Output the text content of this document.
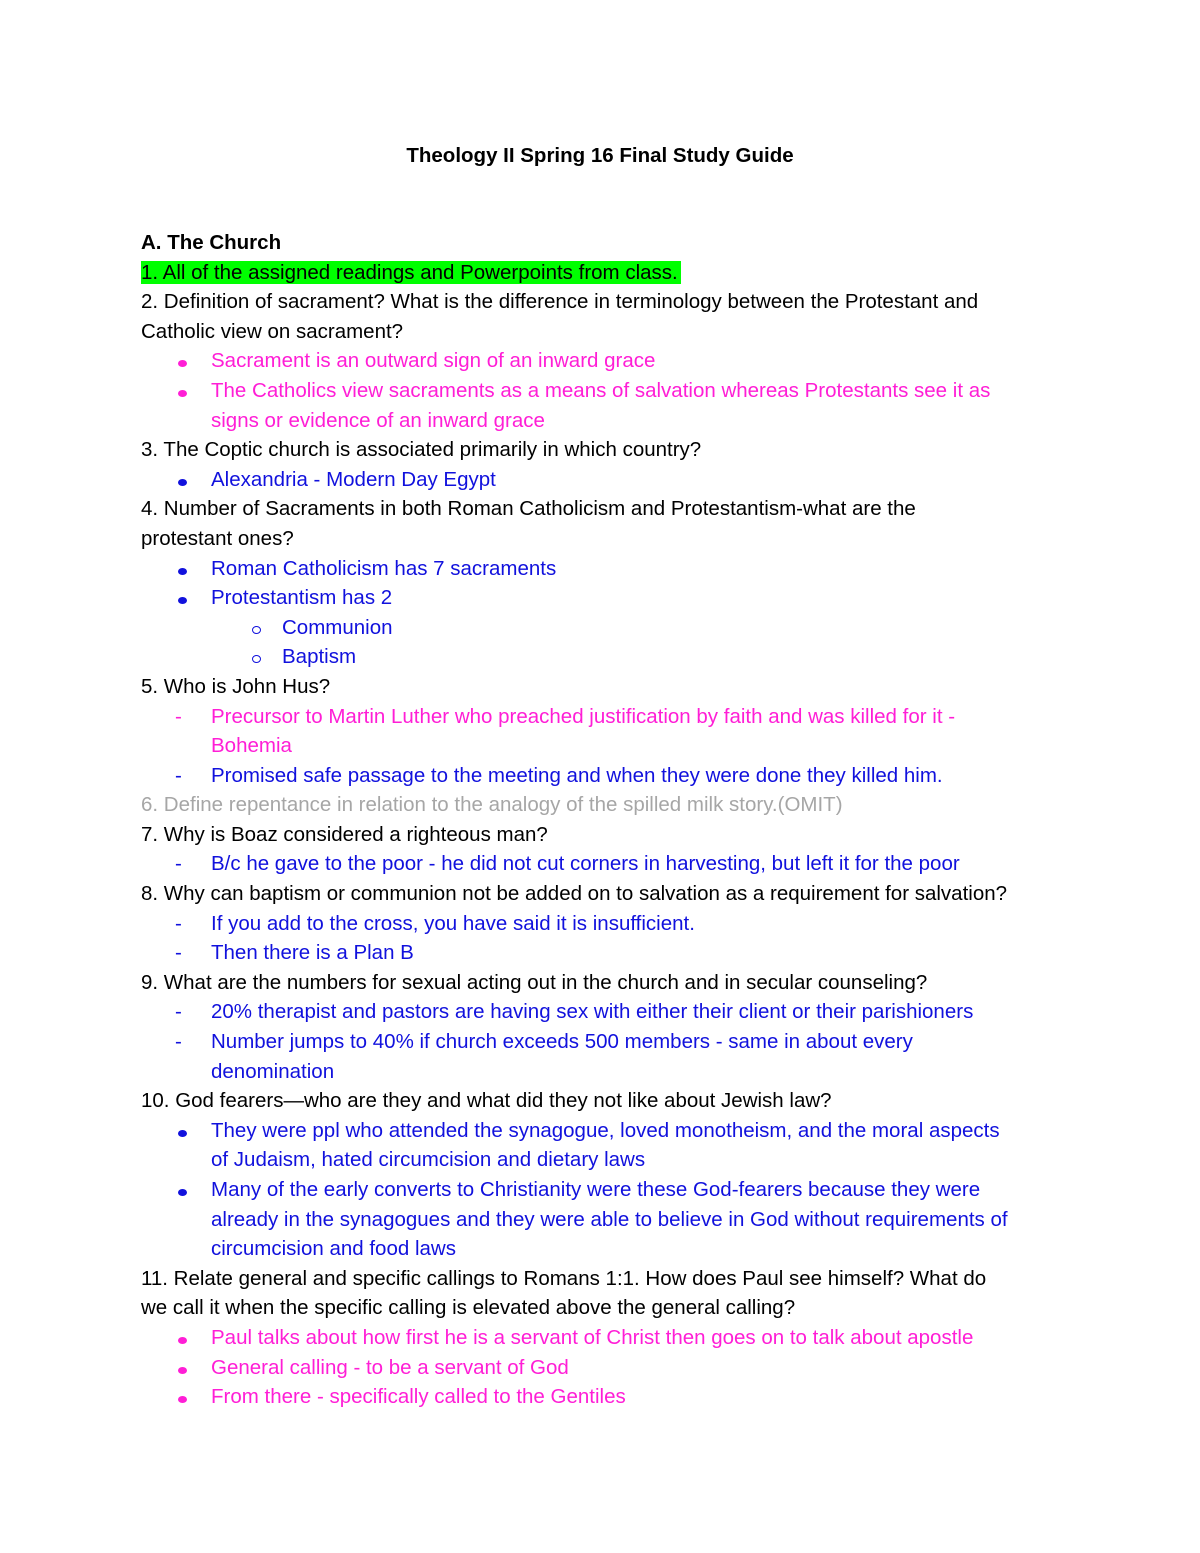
Theology II Spring 16 Final Study Guide
A. The Church
1. All of the assigned readings and Powerpoints from class.
2. Definition of sacrament? What is the difference in terminology between the Protestant and
Catholic view on sacrament?
Sacrament is an outward sign of an inward grace
The Catholics view sacraments as a means of salvation whereas Protestants see it as
signs or evidence of an inward grace
3. The Coptic church is associated primarily in which country?
Alexandria - Modern Day Egypt
4. Number of Sacraments in both Roman Catholicism and Protestantism-what are the
protestant ones?
Roman Catholicism has 7 sacraments
Protestantism has 2
Communion
Baptism
5. Who is John Hus?
-	Precursor to Martin Luther who preached justification by faith and was killed for it -
Bohemia
-	Promised safe passage to the meeting and when they were done they killed him.
6. Define repentance in relation to the analogy of the spilled milk story.(OMIT)
7. Why is Boaz considered a righteous man?
-	B/c he gave to the poor - he did not cut corners in harvesting, but left it for the poor
8. Why can baptism or communion not be added on to salvation as a requirement for salvation?
-	If you add to the cross, you have said it is insufficient.
-	Then there is a Plan B
9. What are the numbers for sexual acting out in the church and in secular counseling?
-	20% therapist and pastors are having sex with either their client or their parishioners
-	Number jumps to 40% if church exceeds 500 members - same in about every
denomination
10. God fearers—who are they and what did they not like about Jewish law?
They were ppl who attended the synagogue, loved monotheism, and the moral aspects
of Judaism, hated circumcision and dietary laws
Many of the early converts to Christianity were these God-fearers because they were
already in the synagogues and they were able to believe in God without requirements of
circumcision and food laws
11. Relate general and specific callings to Romans 1:1. How does Paul see himself? What do
we call it when the specific calling is elevated above the general calling?
Paul talks about how first he is a servant of Christ then goes on to talk about apostle
General calling - to be a servant of God
From there - specifically called to the Gentiles
